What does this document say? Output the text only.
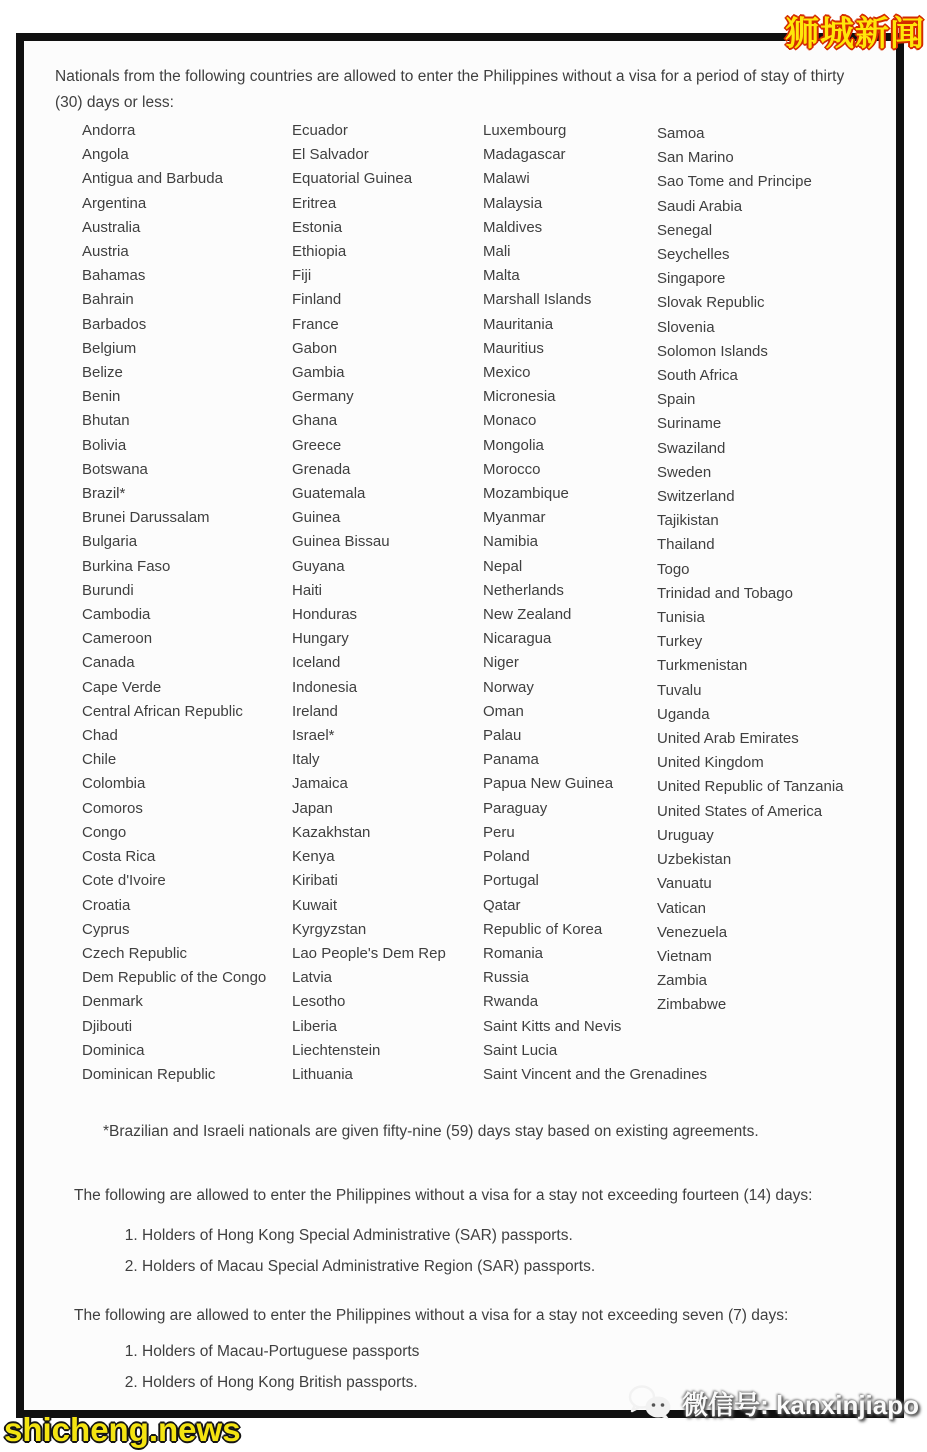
Nationals from the following countries are allowed to enter the Philippines without a visa for a period of stay of thirty (30) days or less:

Andorra
Angola
Antigua and Barbuda
Argentina
Australia
Austria
Bahamas
Bahrain
Barbados
Belgium
Belize
Benin
Bhutan
Bolivia
Botswana
Brazil*
Brunei Darussalam
Bulgaria
Burkina Faso
Burundi
Cambodia
Cameroon
Canada
Cape Verde
Central African Republic
Chad
Chile
Colombia
Comoros
Congo
Costa Rica
Cote d'Ivoire
Croatia
Cyprus
Czech Republic
Dem Republic of the Congo
Denmark
Djibouti
Dominica
Dominican Republic
Ecuador
El Salvador
Equatorial Guinea
Eritrea
Estonia
Ethiopia
Fiji
Finland
France
Gabon
Gambia
Germany
Ghana
Greece
Grenada
Guatemala
Guinea
Guinea Bissau
Guyana
Haiti
Honduras
Hungary
Iceland
Indonesia
Ireland
Israel*
Italy
Jamaica
Japan
Kazakhstan
Kenya
Kiribati
Kuwait
Kyrgyzstan
Lao People's Dem Rep
Latvia
Lesotho
Liberia
Liechtenstein
Lithuania
Luxembourg
Madagascar
Malawi
Malaysia
Maldives
Mali
Malta
Marshall Islands
Mauritania
Mauritius
Mexico
Micronesia
Monaco
Mongolia
Morocco
Mozambique
Myanmar
Namibia
Nepal
Netherlands
New Zealand
Nicaragua
Niger
Norway
Oman
Palau
Panama
Papua New Guinea
Paraguay
Peru
Poland
Portugal
Qatar
Republic of Korea
Romania
Russia
Rwanda
Saint Kitts and Nevis
Saint Lucia
Saint Vincent and the Grenadines
Samoa
San Marino
Sao Tome and Principe
Saudi Arabia
Senegal
Seychelles
Singapore
Slovak Republic
Slovenia
Solomon Islands
South Africa
Spain
Suriname
Swaziland
Sweden
Switzerland
Tajikistan
Thailand
Togo
Trinidad and Tobago
Tunisia
Turkey
Turkmenistan
Tuvalu
Uganda
United Arab Emirates
United Kingdom
United Republic of Tanzania
United States of America
Uruguay
Uzbekistan
Vanuatu
Vatican
Venezuela
Vietnam
Zambia
Zimbabwe

*Brazilian and Israeli nationals are given fifty-nine (59) days stay based on existing agreements.

The following are allowed to enter the Philippines without a visa for a stay not exceeding fourteen (14) days:

1. Holders of Hong Kong Special Administrative (SAR) passports.
2. Holders of Macau Special Administrative Region (SAR) passports.

The following are allowed to enter the Philippines without a visa for a stay not exceeding seven (7) days:

1. Holders of Macau-Portuguese passports
2. Holders of Hong Kong British passports.
狮城新闻
shicheng.news
微信号: kanxinjiapo
